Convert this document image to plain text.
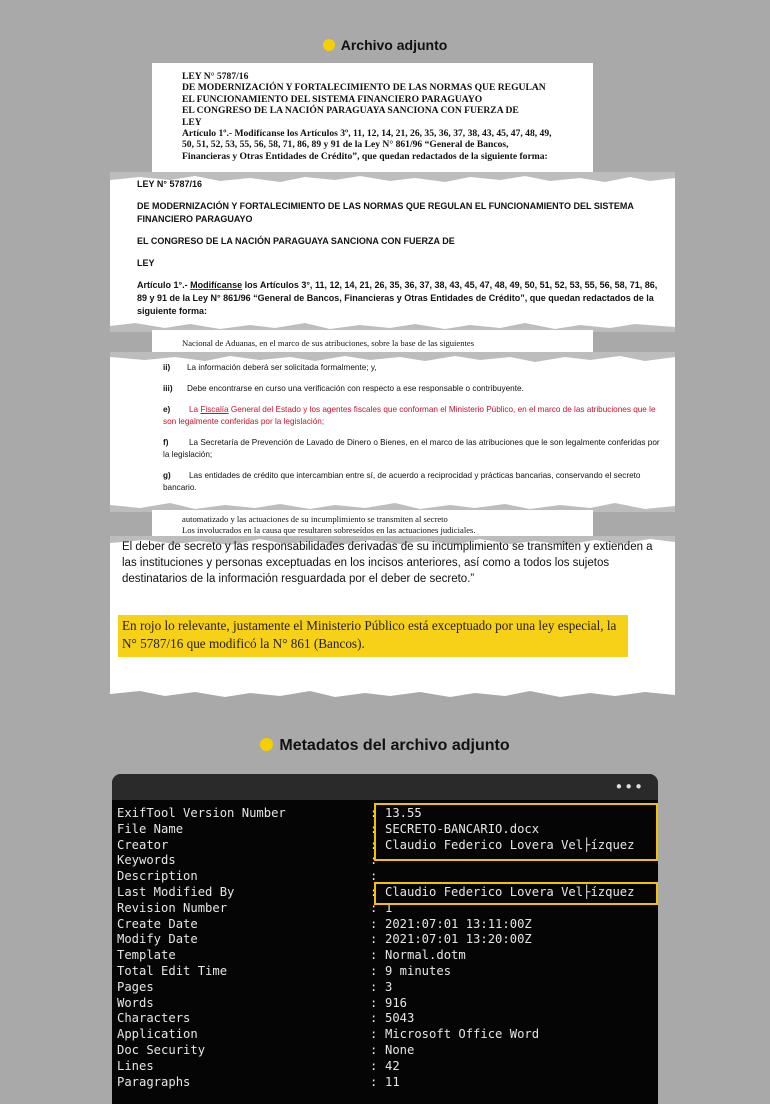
Archivo adjunto
LEY N° 5787/16
DE MODERNIZACIÓN Y FORTALECIMIENTO DE LAS NORMAS QUE REGULAN
EL FUNCIONAMIENTO DEL SISTEMA FINANCIERO PARAGUAYO
EL CONGRESO DE LA NACIÓN PARAGUAYA SANCIONA CON FUERZA DE
LEY
Artículo 1º.- Modifícanse los Artículos 3º, 11, 12, 14, 21, 26, 35, 36, 37, 38, 43, 45, 47, 48, 49,
50, 51, 52, 53, 55, 56, 58, 71, 86, 89 y 91 de la Ley N° 861/96 “General de Bancos,
Financieras y Otras Entidades de Crédito”, que quedan redactados de la siguiente forma:

LEY N° 5787/16

DE MODERNIZACIÓN Y FORTALECIMIENTO DE LAS NORMAS QUE REGULAN EL FUNCIONAMIENTO DEL SISTEMA FINANCIERO PARAGUAYO

EL CONGRESO DE LA NACIÓN PARAGUAYA SANCIONA CON FUERZA DE

LEY

Artículo 1°.- Modifícanse los Artículos 3°, 11, 12, 14, 21, 26, 35, 36, 37, 38, 43, 45, 47, 48, 49, 50, 51, 52, 53, 55, 56, 58, 71, 86, 89 y 91 de la Ley N° 861/96 “General de Bancos, Financieras y Otras Entidades de Crédito”, que quedan redactados de la siguiente forma:

Nacional de Aduanas, en el marco de sus atribuciones, sobre la base de las siguientes

ii) La información deberá ser solicitada formalmente; y,

iii) Debe encontrarse en curso una verificación con respecto a ese responsable o contribuyente.

e) La Fiscalía General del Estado y los agentes fiscales que conforman el Ministerio Público, en el marco de las atribuciones que le son legalmente conferidas por la legislación;

f)	La Secretaría de Prevención de Lavado de Dinero o Bienes, en el marco de las atribuciones que le son legalmente conferidas por la legislación;

g) Las entidades de crédito que intercambian entre sí, de acuerdo a reciprocidad y prácticas bancarias, conservando el secreto bancario.

automatizado y las actuaciones de su incumplimiento se transmiten al secreto
Los involucrados en la causa que resultaren sobreseídos en las actuaciones judiciales.
El deber de secreto y las responsabilidades derivadas de su incumplimiento se transmiten y extienden a las instituciones y personas exceptuadas en los incisos anteriores, así como a todos los sujetos destinatarios de la información resguardada por el deber de secreto.”
En rojo lo relevante, justamente el Ministerio Público está exceptuado por una ley especial, la N° 5787/16 que modificó la N° 861 (Bancos).
Metadatos del archivo adjunto
•••
ExifTool Version Number	: 13.55
File Name	: SECRETO-BANCARIO.docx
Creator	: Claudio Federico Lovera Vel├ízquez
Keywords	:
Description	:
Last Modified By	: Claudio Federico Lovera Vel├ízquez
Revision Number	: 1
Create Date	: 2021:07:01 13:11:00Z
Modify Date	: 2021:07:01 13:20:00Z
Template	: Normal.dotm
Total Edit Time	: 9 minutes
Pages	: 3
Words	: 916
Characters	: 5043
Application	: Microsoft Office Word
Doc Security	: None
Lines	: 42
Paragraphs	: 11
